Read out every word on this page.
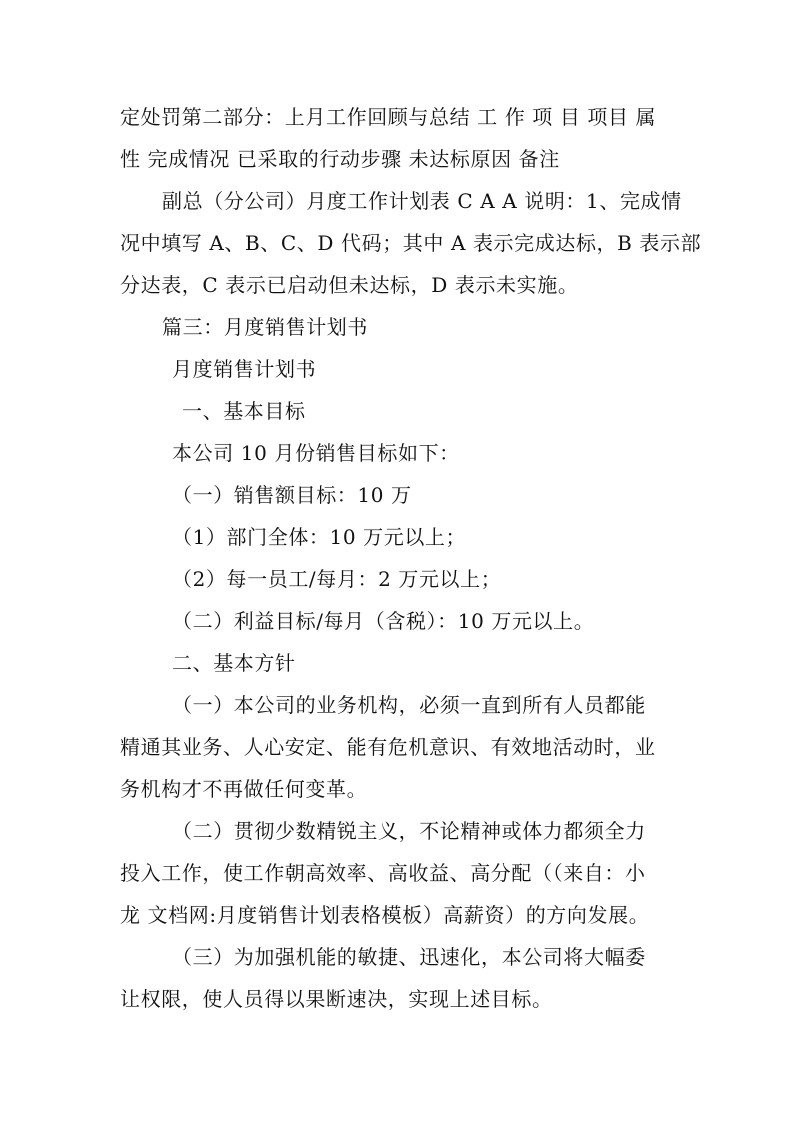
定处罚第二部分：上月工作回顾与总结 工 作 项 目 项目 属
性 完成情况 已采取的行动步骤 未达标原因 备注
副总（分公司）月度工作计划表 C A A 说明：1、完成情
况中填写 A、B、C、D 代码；其中 A 表示完成达标，B 表示部
分达表，C 表示已启动但未达标，D 表示未实施。
篇三：月度销售计划书
月度销售计划书
一、基本目标
本公司 10 月份销售目标如下：
（一）销售额目标：10 万
（1）部门全体：10 万元以上；
（2）每一员工/每月：2 万元以上；
（二）利益目标/每月（含税）：10 万元以上。
二、基本方针
（一）本公司的业务机构，必须一直到所有人员都能
精通其业务、人心安定、能有危机意识、有效地活动时，业
务机构才不再做任何变革。
（二）贯彻少数精锐主义，不论精神或体力都须全力
投入工作，使工作朝高效率、高收益、高分配（（来自：小
龙 文档网:月度销售计划表格模板）高薪资）的方向发展。
（三）为加强机能的敏捷、迅速化，本公司将大幅委
让权限，使人员得以果断速决，实现上述目标。
